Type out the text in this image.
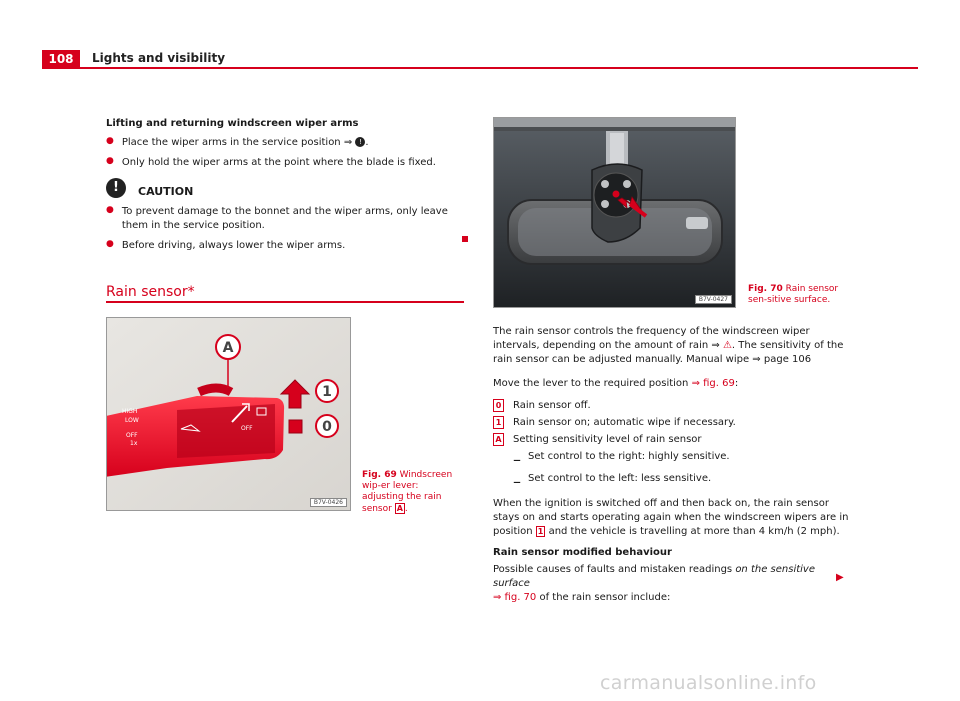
108	Lights and visibility

Lifting and returning windscreen wiper arms

● Place the wiper arms in the service position ⇒ ! .

● Only hold the wiper arms at the point where the blade is fixed.

!	CAUTION

● To prevent damage to the bonnet and the wiper arms, only leave them in the service position.

● Before driving, always lower the wiper arms.

Rain sensor*
HIGH
LOW
OFF
1x
OFF
A
1
0
B7V-0426
Fig. 69 Windscreen wip-er lever: adjusting the rain sensor A .
B7V-0427
Fig. 70 Rain sensor sen-sitive surface.

The rain sensor controls the frequency of the windscreen wiper intervals, depending on the amount of rain ⇒ ⚠. The sensitivity of the rain sensor can be adjusted manually. Manual wipe ⇒ page 106

Move the lever to the required position ⇒ fig. 69:

0 Rain sensor off.

1 Rain sensor on; automatic wipe if necessary.

A Setting sensitivity level of rain sensor

– Set control to the right: highly sensitive.

– Set control to the left: less sensitive.

When the ignition is switched off and then back on, the rain sensor stays on and starts operating again when the windscreen wipers are in position 1 and the vehicle is travelling at more than 4 km/h (2 mph).

Rain sensor modified behaviour

Possible causes of faults and mistaken readings on the sensitive surface
⇒ fig. 70 of the rain sensor include:

▶
carmanualsonline.info
